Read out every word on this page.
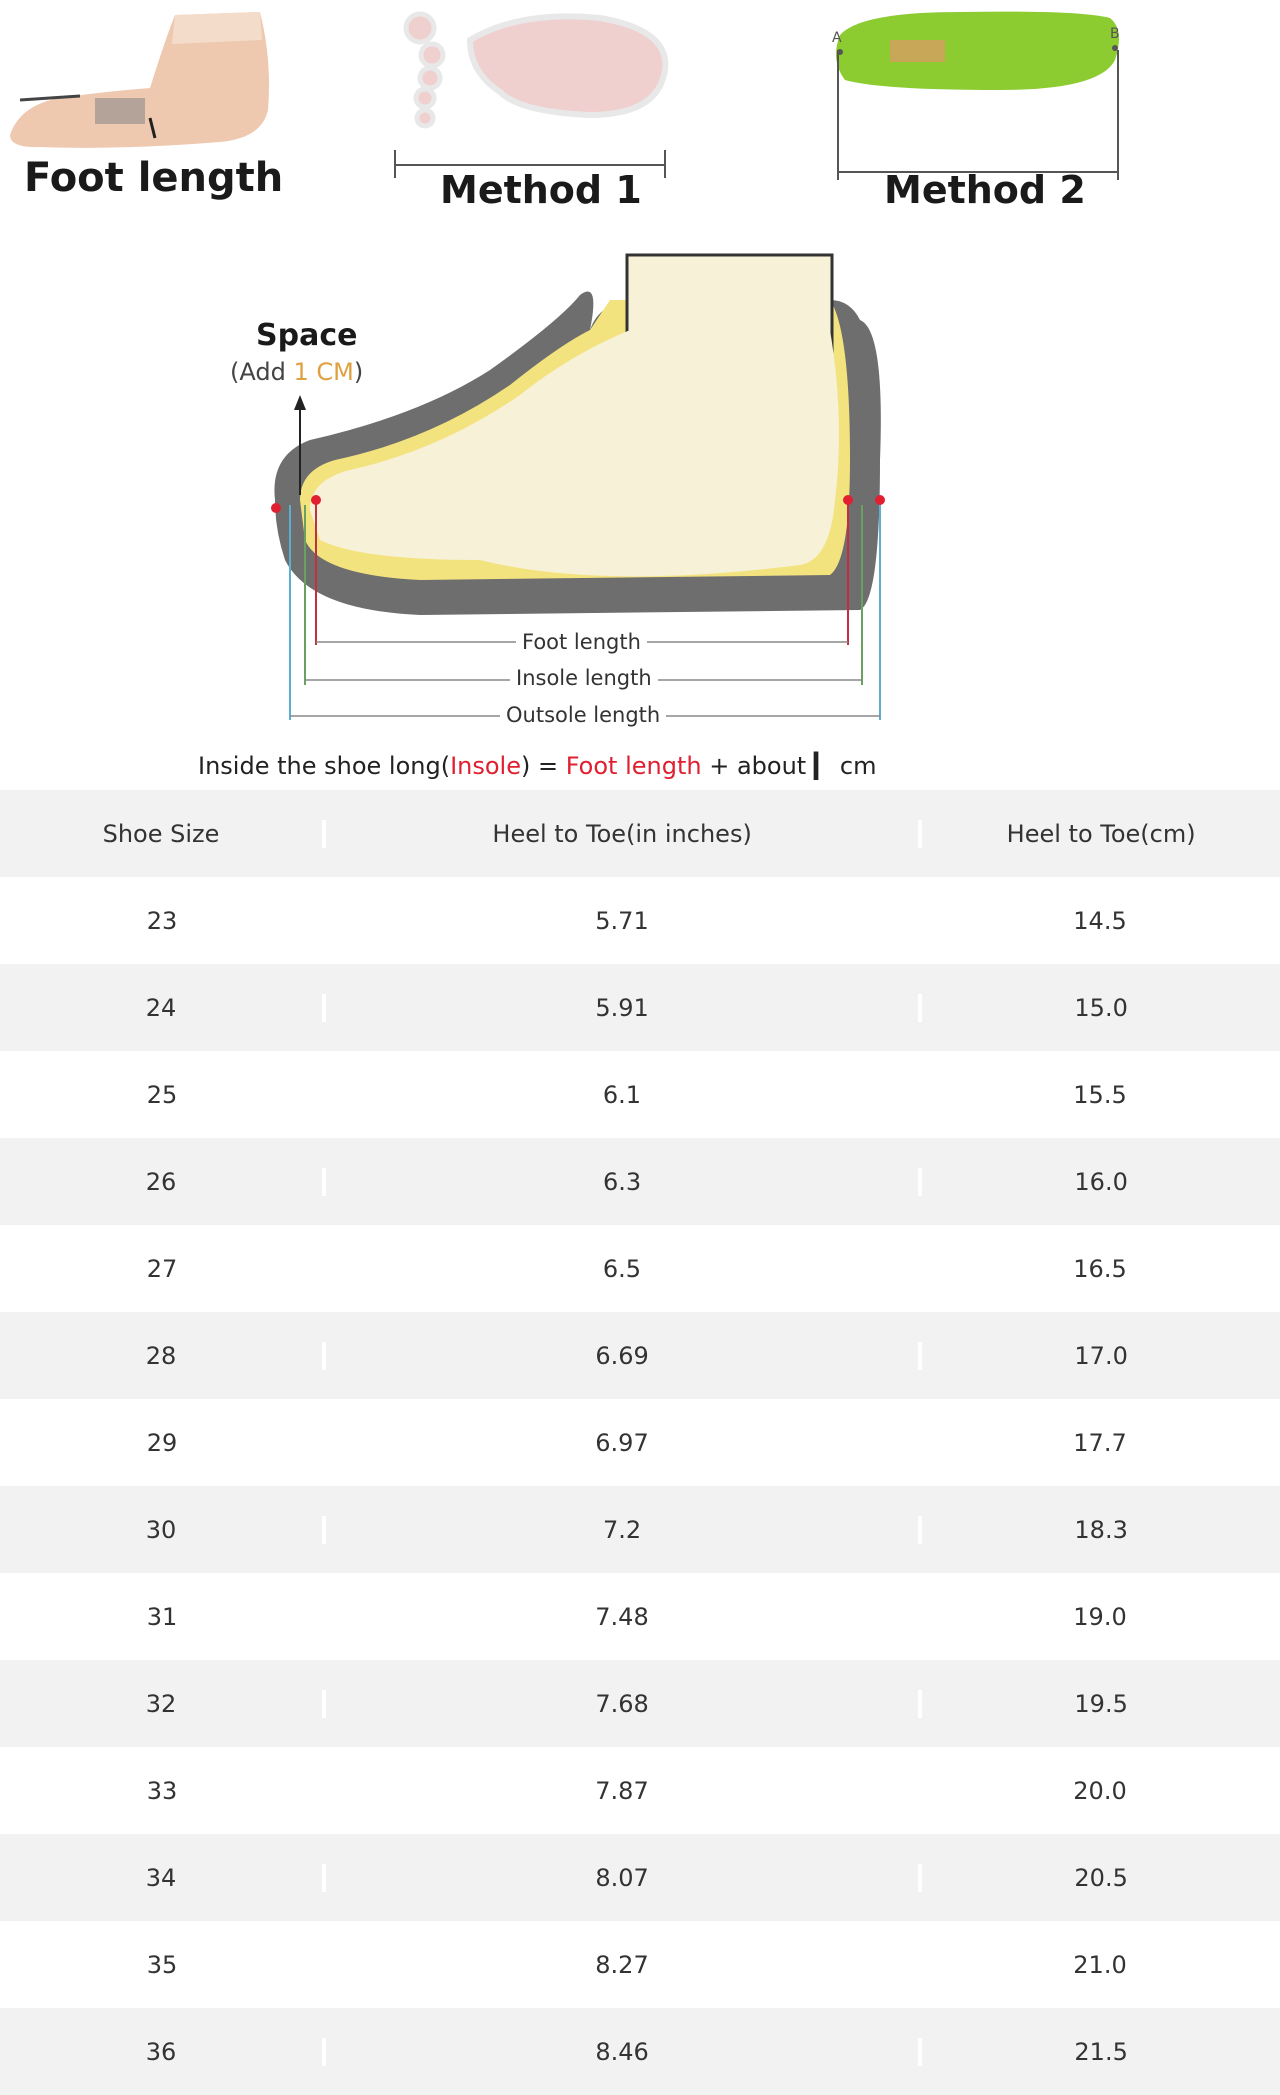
A	B
Foot length	Method 1	Method 2
Space
(Add 1 CM)
Foot length
Insole length
Outsole length
Inside the shoe long(Insole) = Foot length + about ▎ cm
Shoe Size	Heel to Toe(in inches)	Heel to Toe(cm)
23	5.71	14.5
24	5.91	15.0
25	6.1	15.5
26	6.3	16.0
27	6.5	16.5
28	6.69	17.0
29	6.97	17.7
30	7.2	18.3
31	7.48	19.0
32	7.68	19.5
33	7.87	20.0
34	8.07	20.5
35	8.27	21.0
36	8.46	21.5
